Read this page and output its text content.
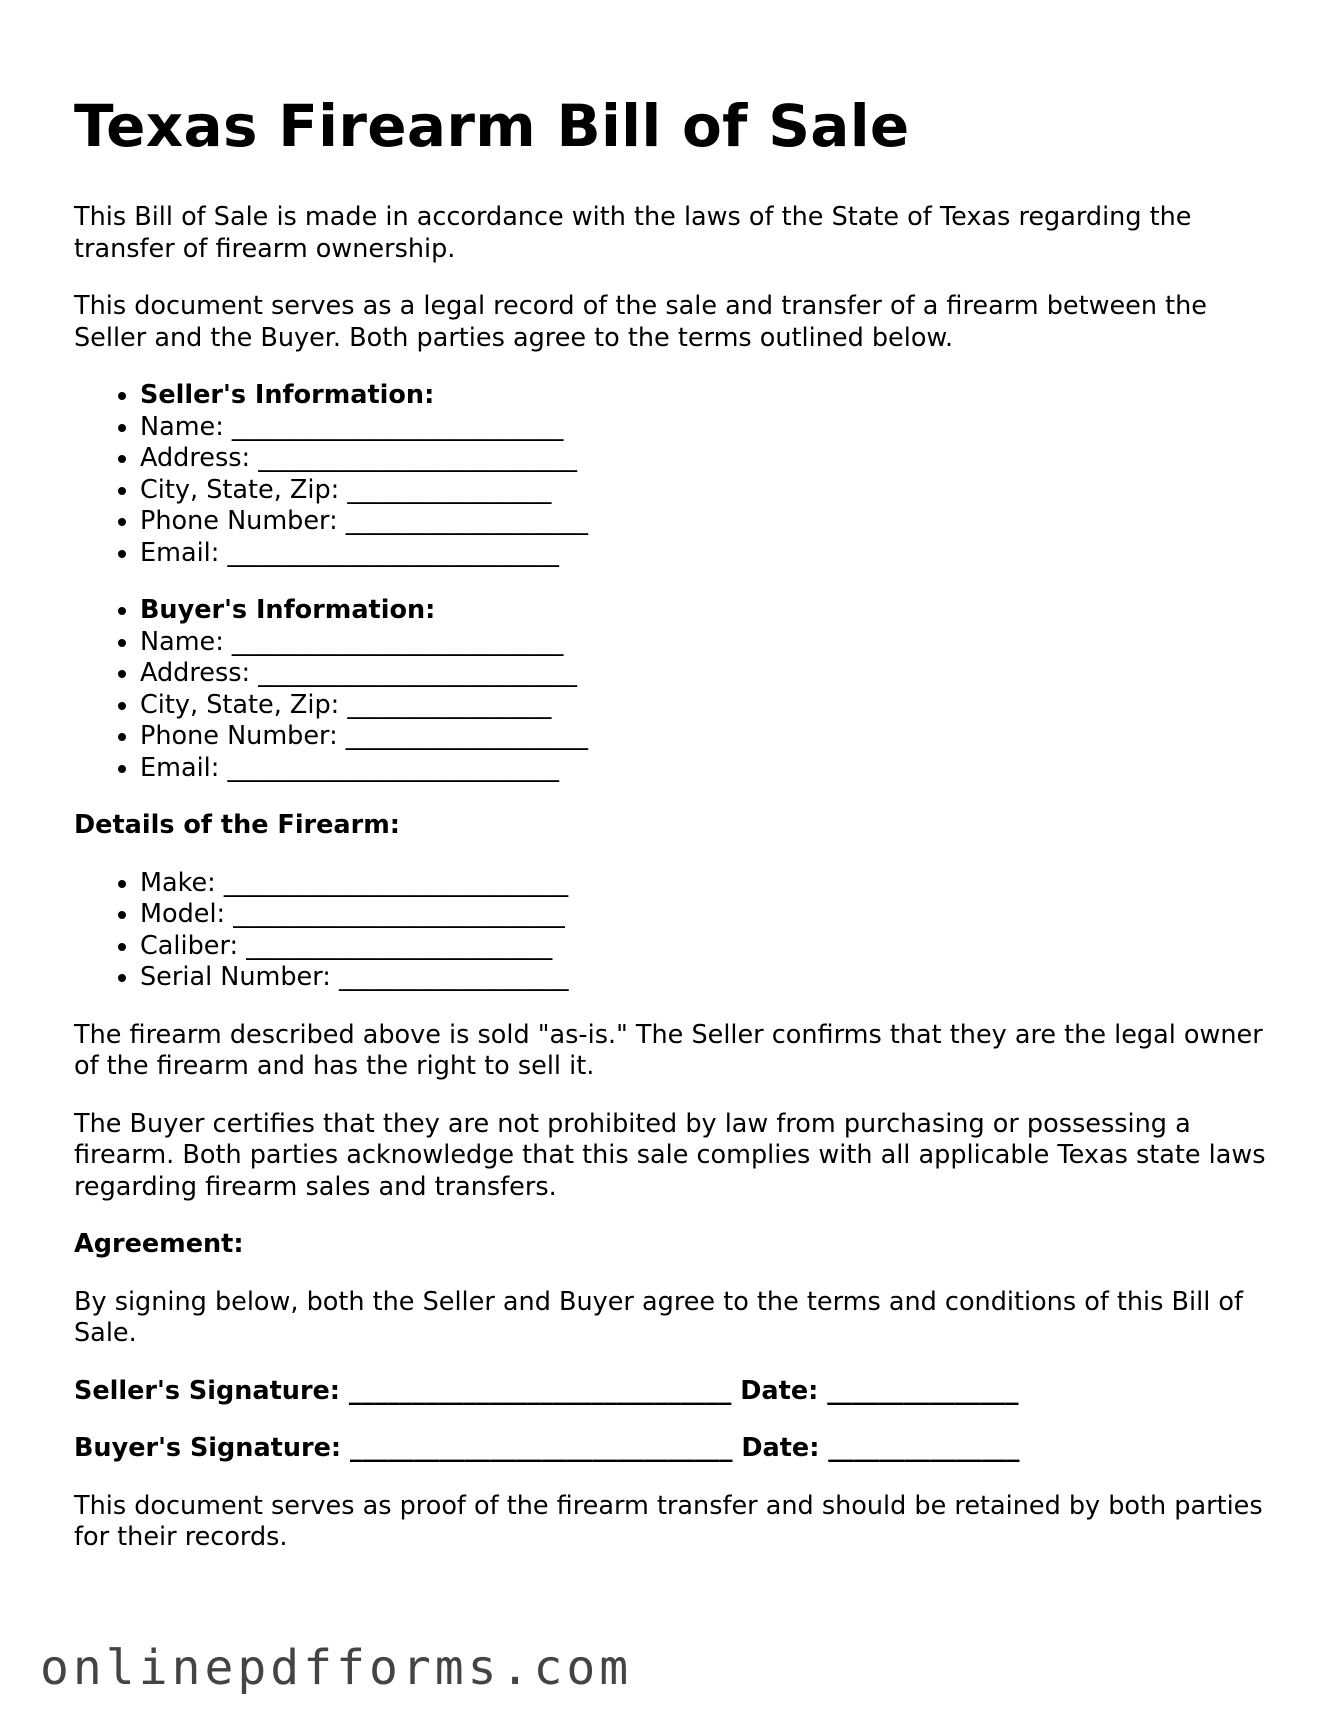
Texas Firearm Bill of Sale

This Bill of Sale is made in accordance with the laws of the State of Texas regarding the transfer of firearm ownership.

This document serves as a legal record of the sale and transfer of a firearm between the Seller and the Buyer. Both parties agree to the terms outlined below.

• Seller's Information:
• Name: __________________________
• Address: _________________________
• City, State, Zip: ________________
• Phone Number: ___________________
• Email: __________________________
• Buyer's Information:
• Name: __________________________
• Address: _________________________
• City, State, Zip: ________________
• Phone Number: ___________________
• Email: __________________________

Details of the Firearm:

• Make: ___________________________
• Model: __________________________
• Caliber: ________________________
• Serial Number: __________________

The firearm described above is sold "as-is." The Seller confirms that they are the legal owner of the firearm and has the right to sell it.

The Buyer certifies that they are not prohibited by law from purchasing or possessing a firearm. Both parties acknowledge that this sale complies with all applicable Texas state laws regarding firearm sales and transfers.

Agreement:

By signing below, both the Seller and Buyer agree to the terms and conditions of this Bill of Sale.

Seller's Signature: ______________________________ Date: _______________

Buyer's Signature: ______________________________ Date: _______________

This document serves as proof of the firearm transfer and should be retained by both parties for their records.

onlinepdfforms.com
